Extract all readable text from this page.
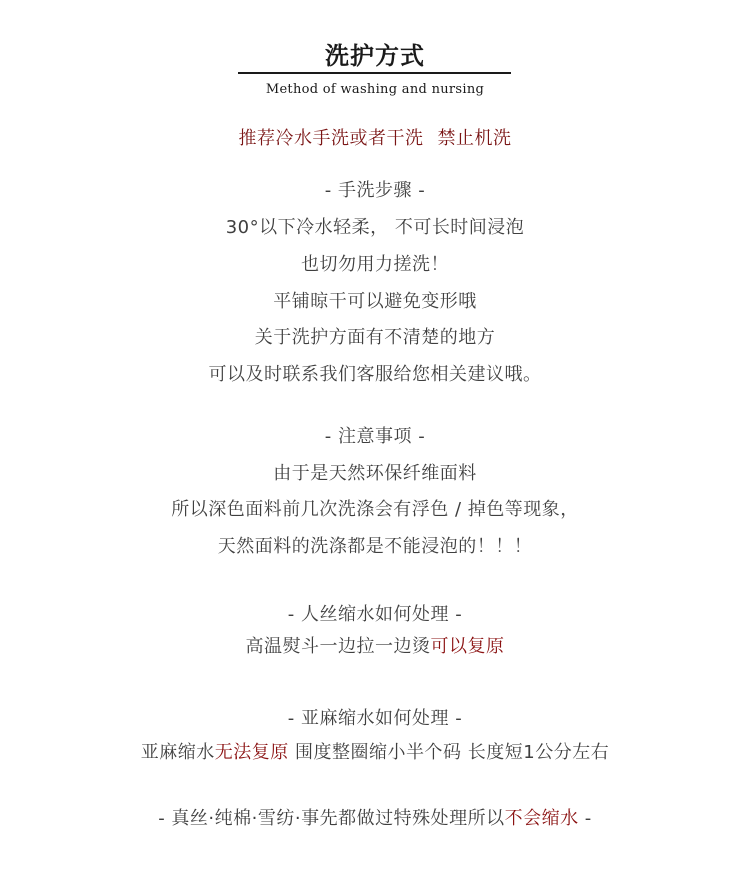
洗护方式
Method of washing and nursing
推荐冷水手洗或者干洗 禁止机洗
- 手洗步骤 -
30°以下冷水轻柔， 不可长时间浸泡
也切勿用力搓洗！
平铺晾干可以避免变形哦
关于洗护方面有不清楚的地方
可以及时联系我们客服给您相关建议哦。
- 注意事项 -
由于是天然环保纤维面料
所以深色面料前几次洗涤会有浮色 / 掉色等现象，
天然面料的洗涤都是不能浸泡的！！！
- 人丝缩水如何处理 -
高温熨斗一边拉一边烫可以复原
- 亚麻缩水如何处理 -
亚麻缩水无法复原 围度整圈缩小半个码 长度短1公分左右
- 真丝·纯棉·雪纺·事先都做过特殊处理所以不会缩水 -
